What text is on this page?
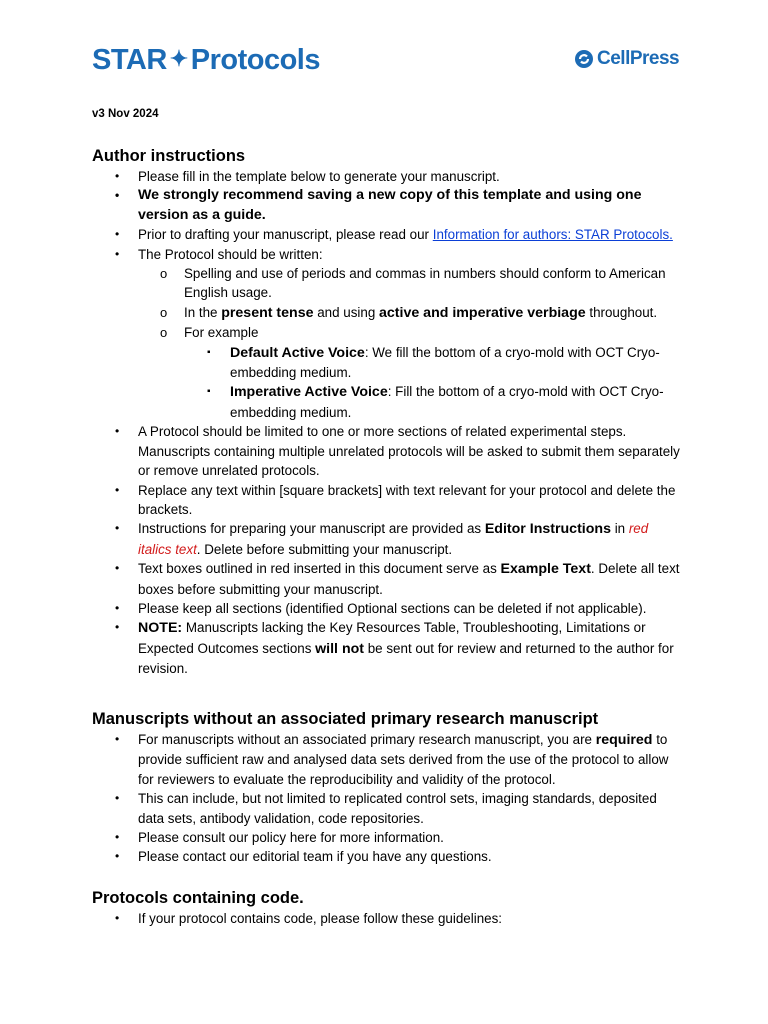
STAR ✦ Protocols	CellPress
v3 Nov 2024
Author instructions
• Please fill in the template below to generate your manuscript.
• We strongly recommend saving a new copy of this template and using one version as a guide.
• Prior to drafting your manuscript, please read our Information for authors: STAR Protocols.
• The Protocol should be written:
o Spelling and use of periods and commas in numbers should conform to American English usage.
o In the present tense and using active and imperative verbiage throughout.
o For example
▪ Default Active Voice: We fill the bottom of a cryo-mold with OCT Cryo-embedding medium.
▪ Imperative Active Voice: Fill the bottom of a cryo-mold with OCT Cryo-embedding medium.
• A Protocol should be limited to one or more sections of related experimental steps. Manuscripts containing multiple unrelated protocols will be asked to submit them separately or remove unrelated protocols.
• Replace any text within [square brackets] with text relevant for your protocol and delete the brackets.
• Instructions for preparing your manuscript are provided as Editor Instructions in red italics text. Delete before submitting your manuscript.
• Text boxes outlined in red inserted in this document serve as Example Text. Delete all text boxes before submitting your manuscript.
• Please keep all sections (identified Optional sections can be deleted if not applicable).
• NOTE: Manuscripts lacking the Key Resources Table, Troubleshooting, Limitations or Expected Outcomes sections will not be sent out for review and returned to the author for revision.
Manuscripts without an associated primary research manuscript
• For manuscripts without an associated primary research manuscript, you are required to provide sufficient raw and analysed data sets derived from the use of the protocol to allow for reviewers to evaluate the reproducibility and validity of the protocol.
• This can include, but not limited to replicated control sets, imaging standards, deposited data sets, antibody validation, code repositories.
• Please consult our policy here for more information.
• Please contact our editorial team if you have any questions.
Protocols containing code.
• If your protocol contains code, please follow these guidelines:
